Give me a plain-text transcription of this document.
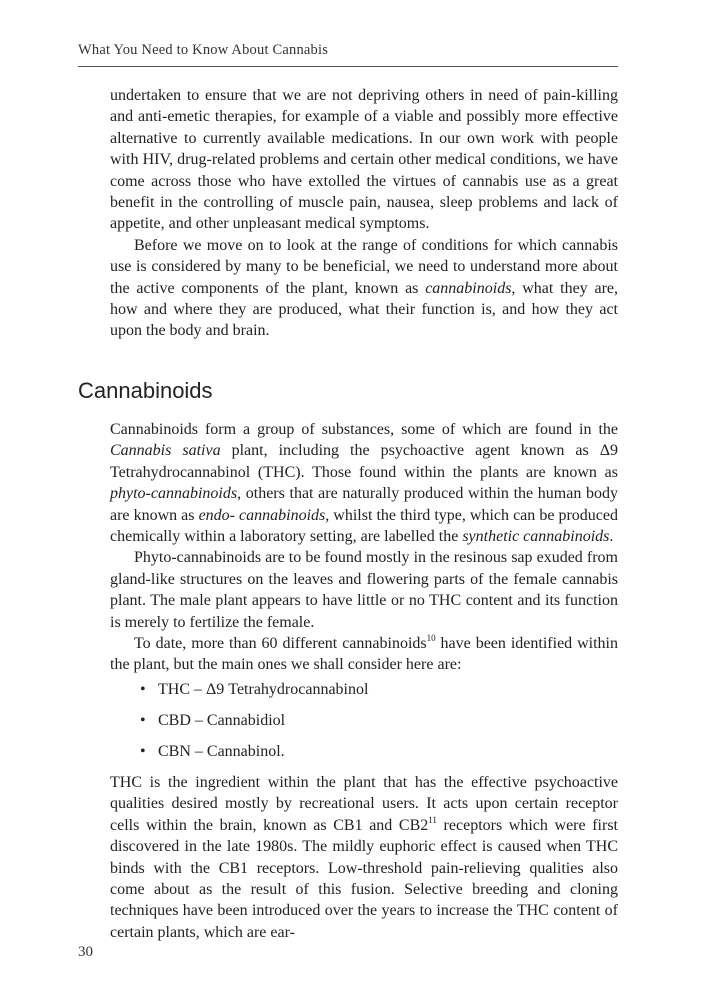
What You Need to Know About Cannabis

undertaken to ensure that we are not depriving others in need of pain-killing and anti-emetic therapies, for example of a viable and possibly more effective alternative to currently available medications. In our own work with people with HIV, drug-related problems and certain other medical conditions, we have come across those who have extolled the virtues of cannabis use as a great benefit in the controlling of muscle pain, nausea, sleep problems and lack of appetite, and other unpleasant medical symptoms.

Before we move on to look at the range of conditions for which cannabis use is considered by many to be beneficial, we need to understand more about the active components of the plant, known as cannabinoids, what they are, how and where they are produced, what their function is, and how they act upon the body and brain.

Cannabinoids

Cannabinoids form a group of substances, some of which are found in the Cannabis sativa plant, including the psychoactive agent known as Δ9 Tetrahydrocannabinol (THC). Those found within the plants are known as phyto-cannabinoids, others that are naturally produced within the human body are known as endo- cannabinoids, whilst the third type, which can be produced chemically within a laboratory setting, are labelled the synthetic cannabinoids.

Phyto-cannabinoids are to be found mostly in the resinous sap exuded from gland-like structures on the leaves and flowering parts of the female cannabis plant. The male plant appears to have little or no THC content and its function is merely to fertilize the female.

To date, more than 60 different cannabinoids$^{10}$ have been identified within the plant, but the main ones we shall consider here are:

• THC – Δ9 Tetrahydrocannabinol
• CBD – Cannabidiol
• CBN – Cannabinol.

THC is the ingredient within the plant that has the effective psychoactive qualities desired mostly by recreational users. It acts upon certain receptor cells within the brain, known as CB1 and $CB2^{11}$ receptors which were first discovered in the late 1980s. The mildly euphoric effect is caused when THC binds with the CB1 receptors. Low-threshold pain-relieving qualities also come about as the result of this fusion. Selective breeding and cloning techniques have been introduced over the years to increase the THC content of certain plants, which are ear-

30
